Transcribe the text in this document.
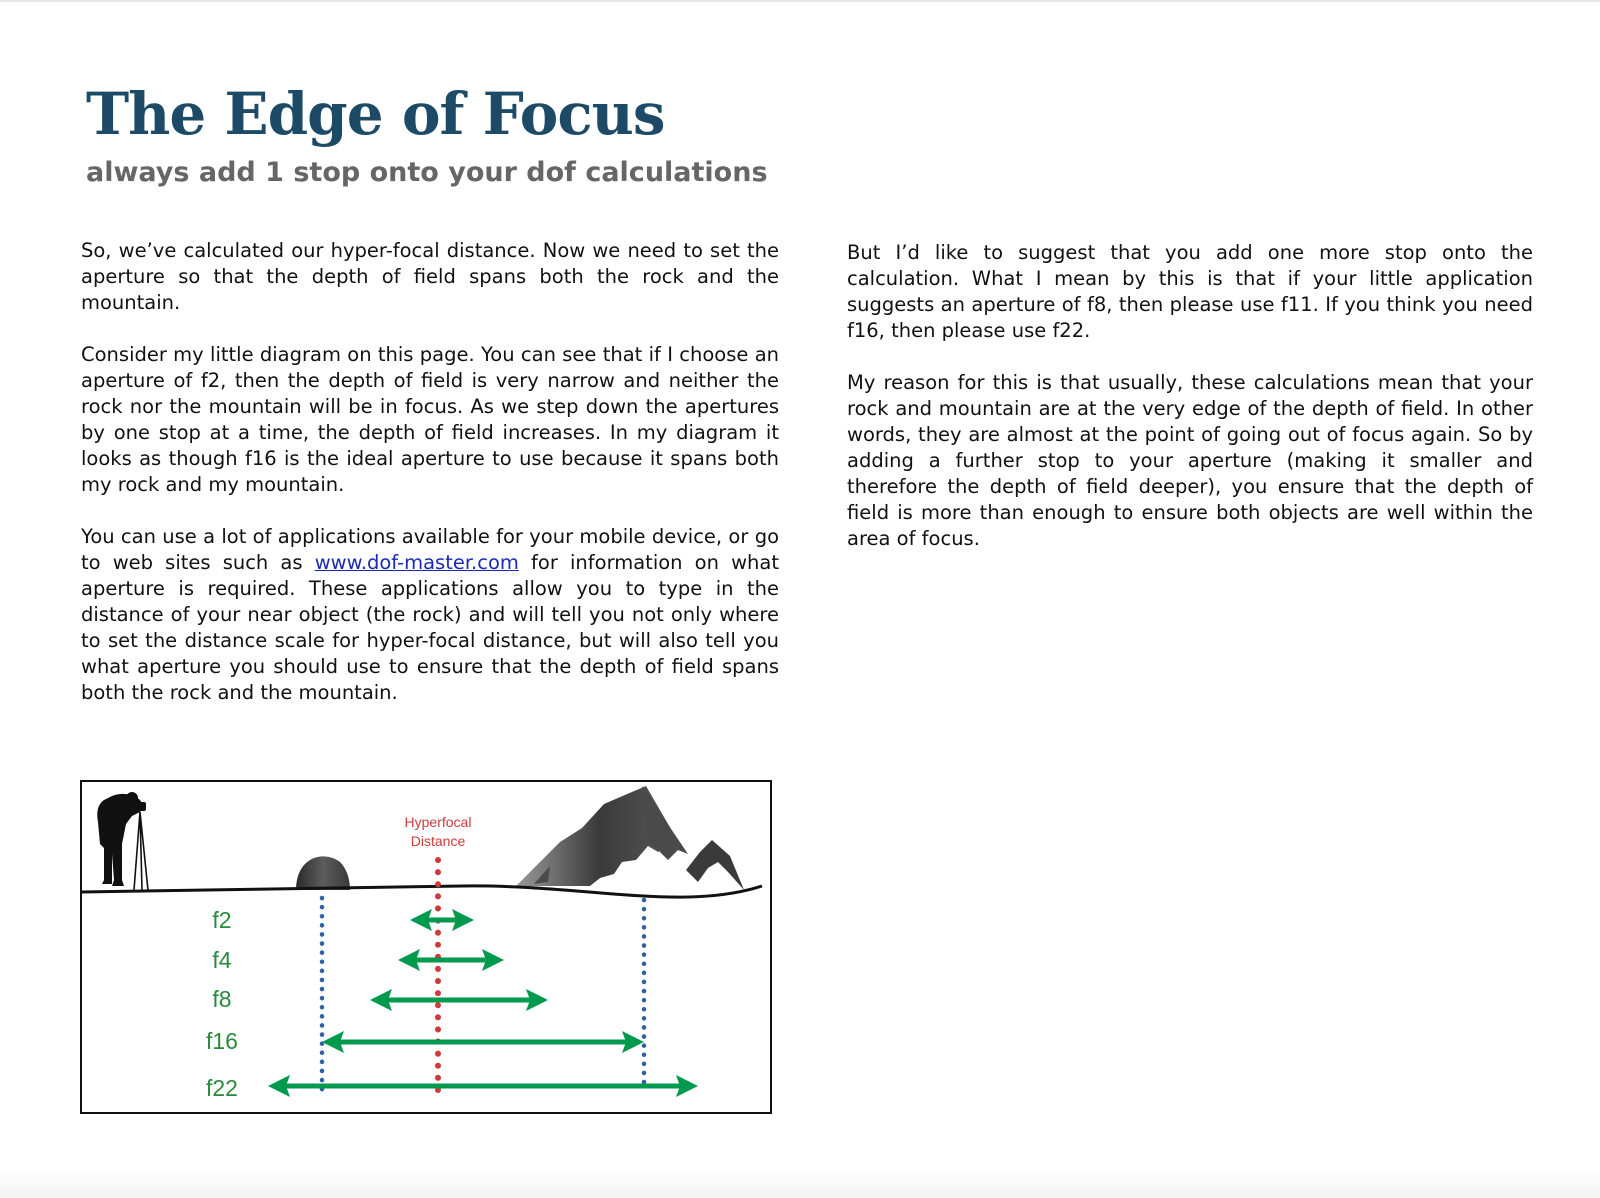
The Edge of Focus
always add 1 stop onto your dof calculations

So, we’ve calculated our hyper-focal distance. Now we need to set the aperture so that the depth of field spans both the rock and the mountain.

Consider my little diagram on this page. You can see that if I choose an aperture of f2, then the depth of field is very narrow and neither the rock nor the mountain will be in focus. As we step down the apertures by one stop at a time, the depth of field increases. In my diagram it looks as though f16 is the ideal aperture to use because it spans both my rock and my mountain.

You can use a lot of applications available for your mobile device, or go to web sites such as www.dof-master.com for information on what aperture is required. These applications allow you to type in the distance of your near object (the rock) and will tell you not only where to set the distance scale for hyper-focal distance, but will also tell you what aperture you should use to ensure that the depth of field spans both the rock and the mountain.

But I’d like to suggest that you add one more stop onto the calculation. What I mean by this is that if your little application suggests an aperture of f8, then please use f11. If you think you need f16, then please use f22.

My reason for this is that usually, these calculations mean that your rock and mountain are at the very edge of the depth of field. In other words, they are almost at the point of going out of focus again. So by adding a further stop to your aperture (making it smaller and therefore the depth of field deeper), you ensure that the depth of field is more than enough to ensure both objects are well within the area of focus.

Hyperfocal
Distance
f2
f4
f8
f16
f22
